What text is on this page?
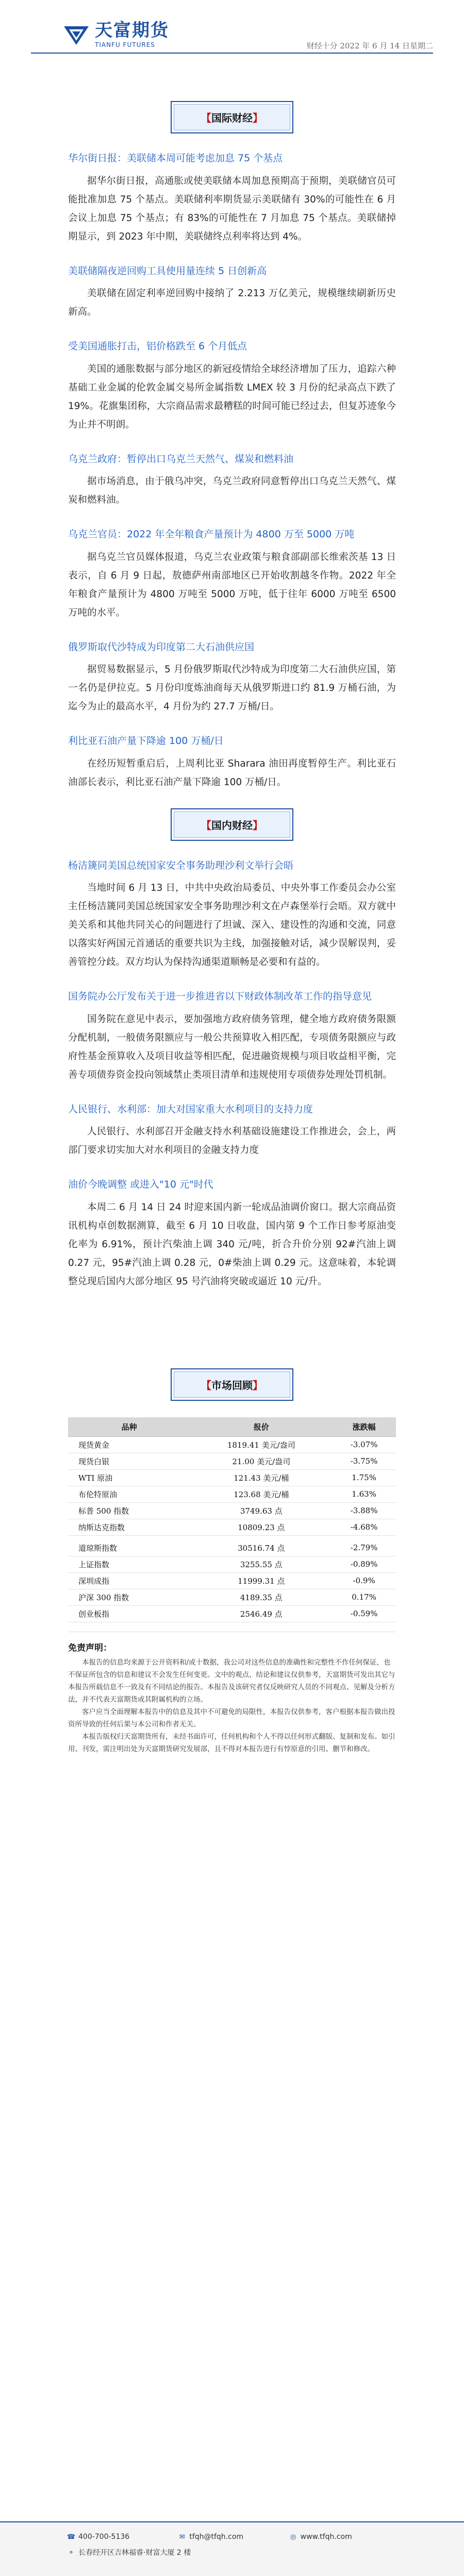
天富期货
TIANFU FUTURES	财经十分 2022 年 6 月 14 日星期二
【国际财经】
华尔街日报：美联储本周可能考虑加息 75 个基点

据华尔街日报，高通胀或使美联储本周加息预期高于预期，美联储官员可能批准加息 75 个基点。美联储利率期货显示美联储有 30%的可能性在 6 月会议上加息 75 个基点；有 83%的可能性在 7 月加息 75 个基点。美联储掉期显示，到 2023 年中期，美联储终点利率将达到 4%。

美联储隔夜逆回购工具使用量连续 5 日创新高

美联储在固定利率逆回购中接纳了 2.213 万亿美元，规模继续刷新历史新高。

受美国通胀打击，铝价格跌至 6 个月低点

美国的通胀数据与部分地区的新冠疫情给全球经济增加了压力，追踪六种基础工业金属的伦敦金属交易所金属指数 LMEX 较 3 月份的纪录高点下跌了 19%。花旗集团称，大宗商品需求最糟糕的时间可能已经过去，但复苏迹象今为止并不明朗。

乌克兰政府：暂停出口乌克兰天然气、煤炭和燃料油

据市场消息，由于俄乌冲突，乌克兰政府同意暂停出口乌克兰天然气、煤炭和燃料油。

乌克兰官员：2022 年全年粮食产量预计为 4800 万至 5000 万吨

据乌克兰官员媒体报道，乌克兰农业政策与粮食部副部长维索茨基 13 日表示，自 6 月 9 日起，敖德萨州南部地区已开始收割越冬作物。2022 年全年粮食产量预计为 4800 万吨至 5000 万吨，低于往年 6000 万吨至 6500 万吨的水平。

俄罗斯取代沙特成为印度第二大石油供应国

据贸易数据显示，5 月份俄罗斯取代沙特成为印度第二大石油供应国，第一名仍是伊拉克。5 月份印度炼油商每天从俄罗斯进口约 81.9 万桶石油，为迄今为止的最高水平，4 月份为约 27.7 万桶/日。

利比亚石油产量下降逾 100 万桶/日

在经历短暂重启后，上周利比亚 Sharara 油田再度暂停生产。利比亚石油部长表示，利比亚石油产量下降逾 100 万桶/日。

【国内财经】
杨洁篪同美国总统国家安全事务助理沙利文举行会晤

当地时间 6 月 13 日，中共中央政治局委员、中央外事工作委员会办公室主任杨洁篪同美国总统国家安全事务助理沙利文在卢森堡举行会晤。双方就中美关系和其他共同关心的问题进行了坦诚、深入、建设性的沟通和交流，同意以落实好两国元首通话的重要共识为主线，加强接触对话，减少误解误判，妥善管控分歧。双方均认为保持沟通渠道顺畅是必要和有益的。

国务院办公厅发布关于进一步推进省以下财政体制改革工作的指导意见

国务院在意见中表示，要加强地方政府债务管理，健全地方政府债务限额分配机制，一般债务限额应与一般公共预算收入相匹配，专项债务限额应与政府性基金预算收入及项目收益等相匹配，促进融资规模与项目收益相平衡，完善专项债券资金投向领域禁止类项目清单和违规使用专项债券处理处罚机制。

人民银行、水利部：加大对国家重大水利项目的支持力度

人民银行、水利部召开金融支持水利基础设施建设工作推进会，会上，两部门要求切实加大对水利项目的金融支持力度

油价今晚调整 或进入"10 元"时代

本周二 6 月 14 日 24 时迎来国内新一轮成品油调价窗口。据大宗商品资讯机构卓创数据测算，截至 6 月 10 日收盘，国内第 9 个工作日参考原油变化率为 6.91%，预计汽柴油上调 340 元/吨，折合升价分别 92#汽油上调 0.27 元，95#汽油上调 0.28 元，0#柴油上调 0.29 元。这意味着，本轮调整兑现后国内大部分地区 95 号汽油将突破或逼近 10 元/升。

【市场回顾】
品种	报价	涨跌幅
现货黄金	1819.41 美元/盎司	-3.07%
现货白银	21.00 美元/盎司	-3.75%
WTI 原油	121.43 美元/桶	1.75%
布伦特原油	123.68 美元/桶	1.63%
标普 500 指数	3749.63 点	-3.88%
纳斯达克指数	10809.23 点	-4.68%

道琼斯指数	30516.74 点	-2.79%
上证指数	3255.55 点	-0.89%
深圳成指	11999.31 点	-0.9%
沪深 300 指数	4189.35 点	0.17%
创业板指	2546.49 点	-0.59%
免责声明：

本报告的信息均来源于公开资料和/或十数据，我公司对这些信息的准确性和完整性不作任何保证，也不保证所包含的信息和建议不会发生任何变更。文中的观点、结论和建议仅供参考，天富期货可发出其它与本报告所载信息不一致及有不同结论的报告。本报告及该研究者仅反映研究人员的不同观点、见解及分析方法，并不代表天富期货或其附属机构的立场。

客户应当全面理解本报告中的信息及其中不可避免的局限性，本报告仅供参考，客户根据本报告做出投资所导致的任何后果与本公司和作者无关。

本报告版权归天富期货所有，未经书面许可，任何机构和个人不得以任何形式翻版、复制和发布。如引用、刊发，需注明出处为天富期货研究发展部，且不得对本报告进行有悖原意的引用、删节和修改。

☎ 400-700-5136	✉ tfqh@tfqh.com	◎ www.tfqh.com
⌖ 长春经开区吉林福睿·财富大厦 2 楼
